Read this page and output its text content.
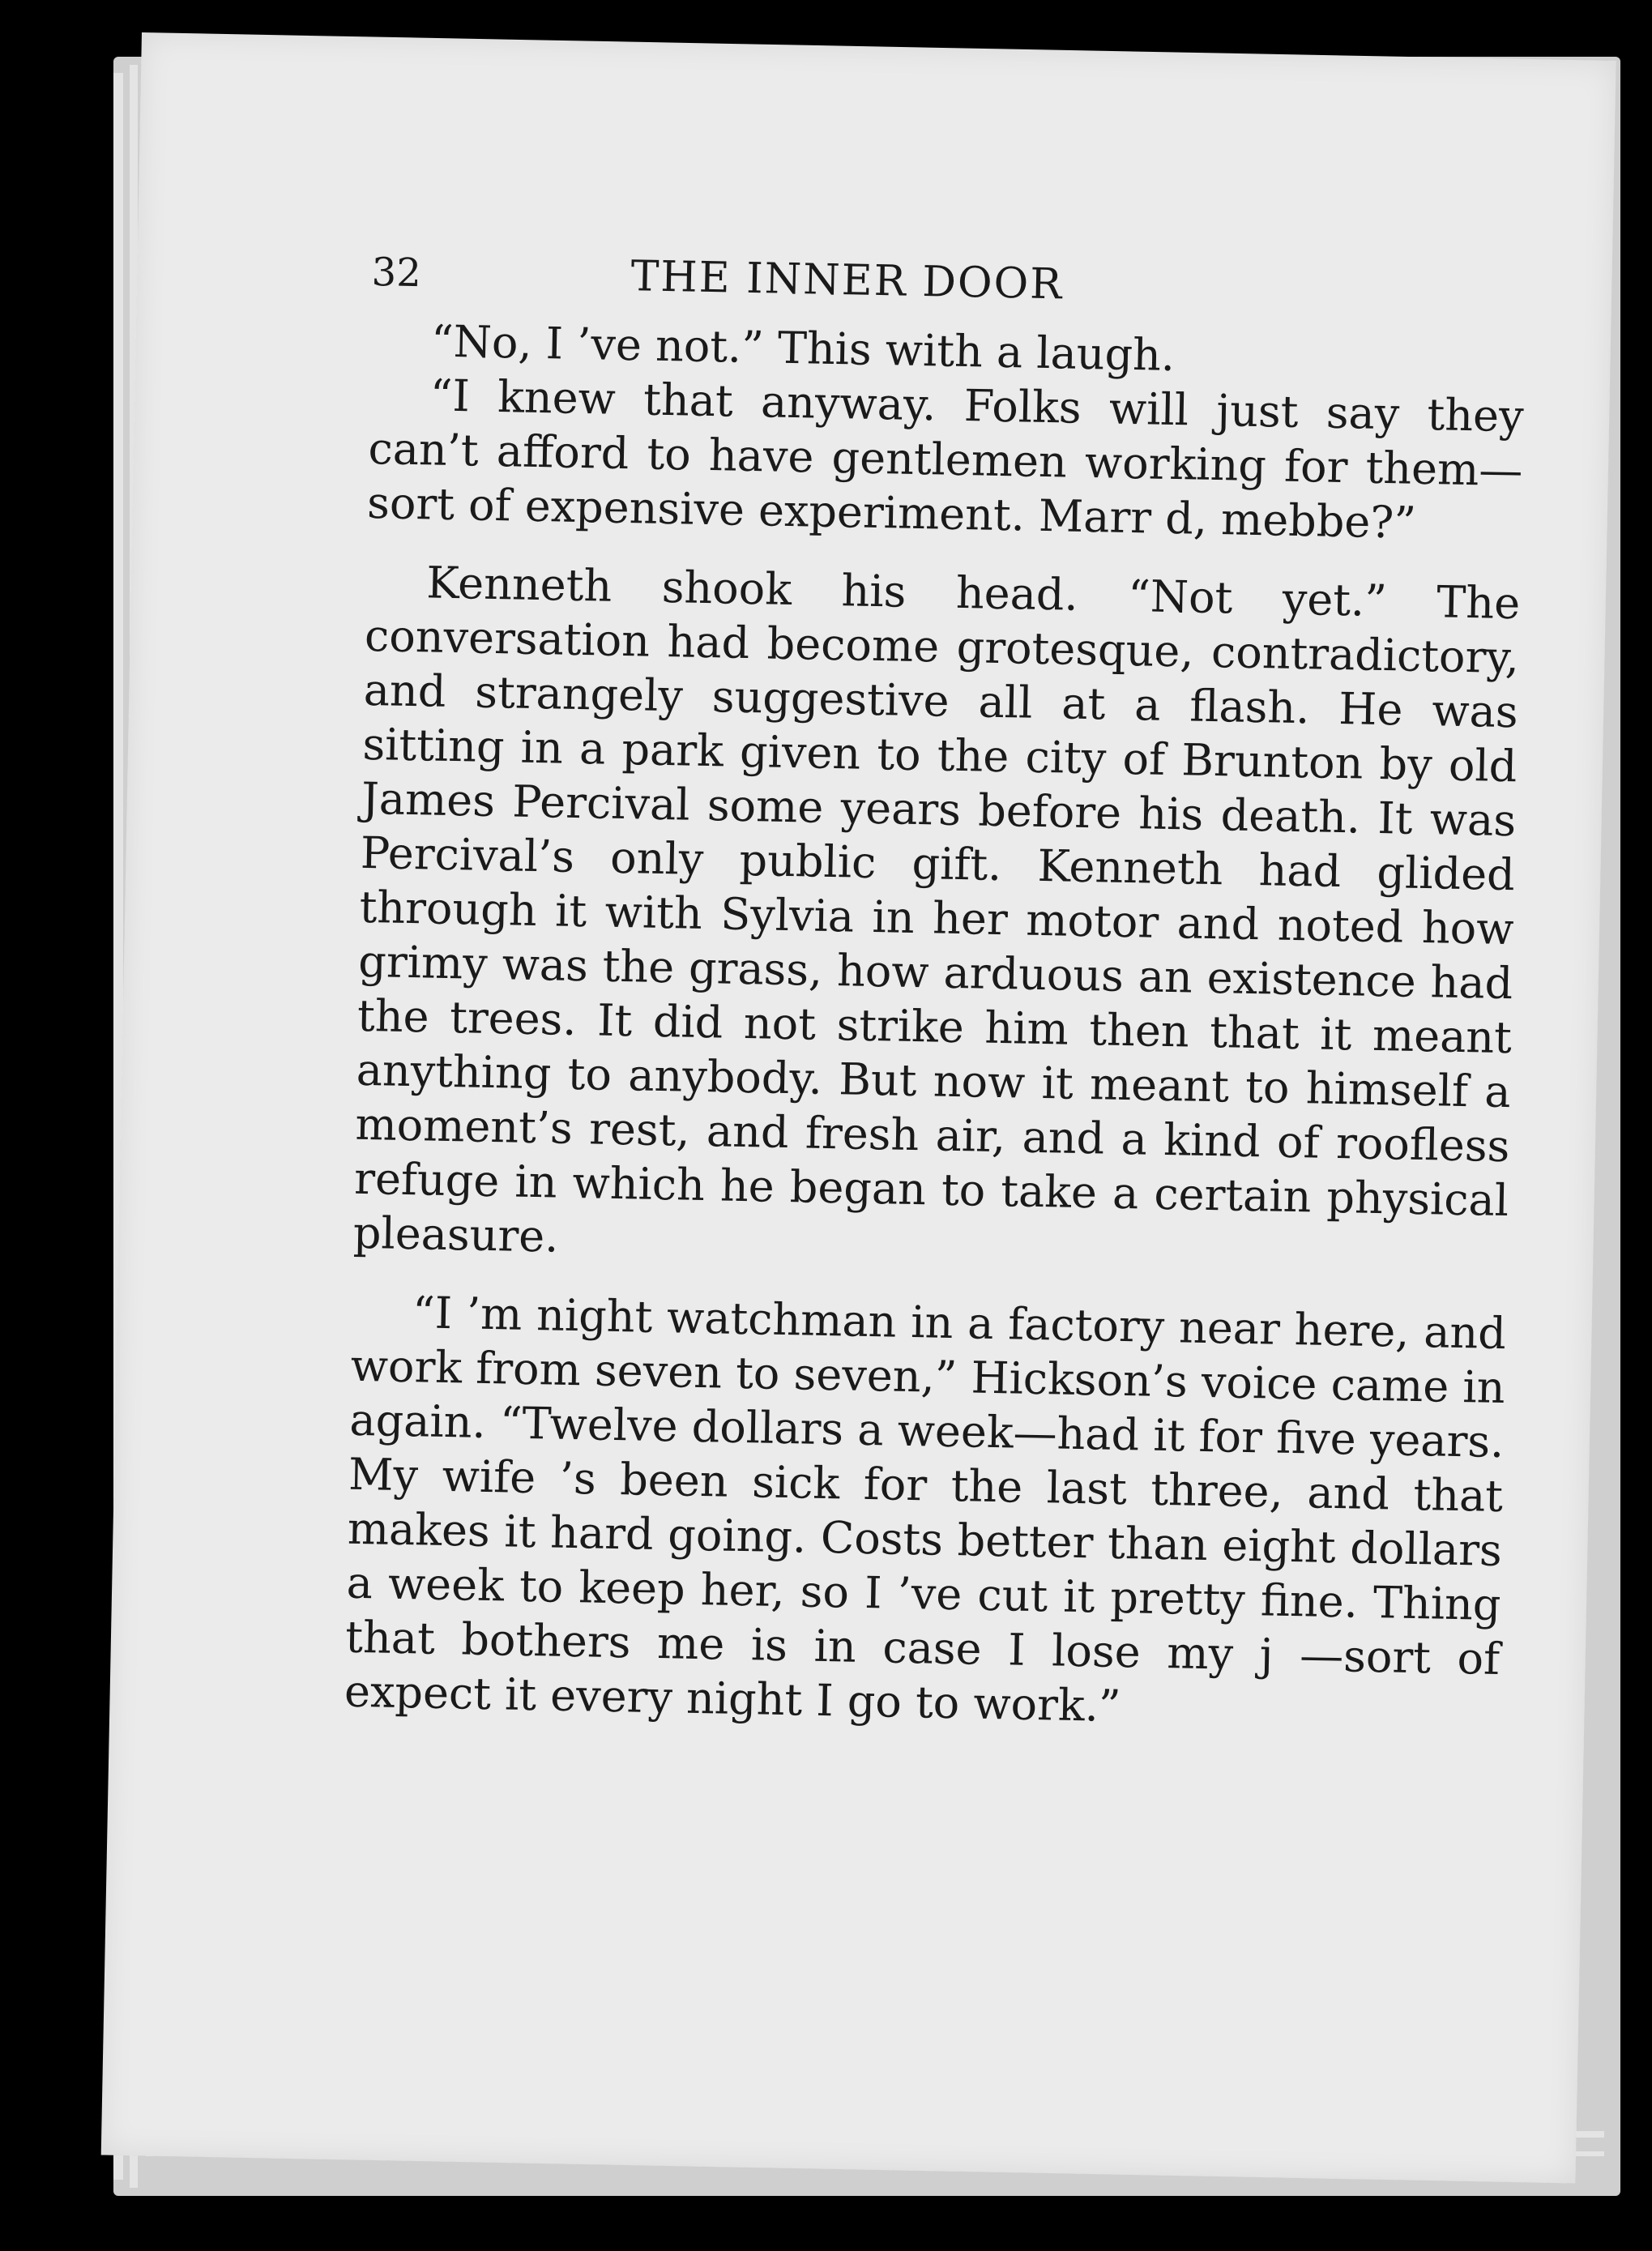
32	THE INNER DOOR

“No, I ’ve not.” This with a laugh.

“I knew that anyway. Folks will just say they can’t afford to have gentlemen working for them—sort of expensive experiment. Marr d, mebbe?”

Kenneth shook his head. “Not yet.” The conversation had become grotesque, contradictory, and strangely suggestive all at a flash. He was sitting in a park given to the city of Brunton by old James Percival some years before his death. It was Percival’s only public gift. Kenneth had glided through it with Sylvia in her motor and noted how grimy was the grass, how arduous an existence had the trees. It did not strike him then that it meant anything to anybody. But now it meant to himself a moment’s rest, and fresh air, and a kind of roofless refuge in which he began to take a certain physical pleasure.

“I ’m night watchman in a factory near here, and work from seven to seven,” Hickson’s voice came in again. “Twelve dollars a week—had it for five years. My wife ’s been sick for the last three, and that makes it hard going. Costs better than eight dollars a week to keep her, so I ’ve cut it pretty fine. Thing that bothers me is in case I lose my j —sort of expect it every night I go to work.”
